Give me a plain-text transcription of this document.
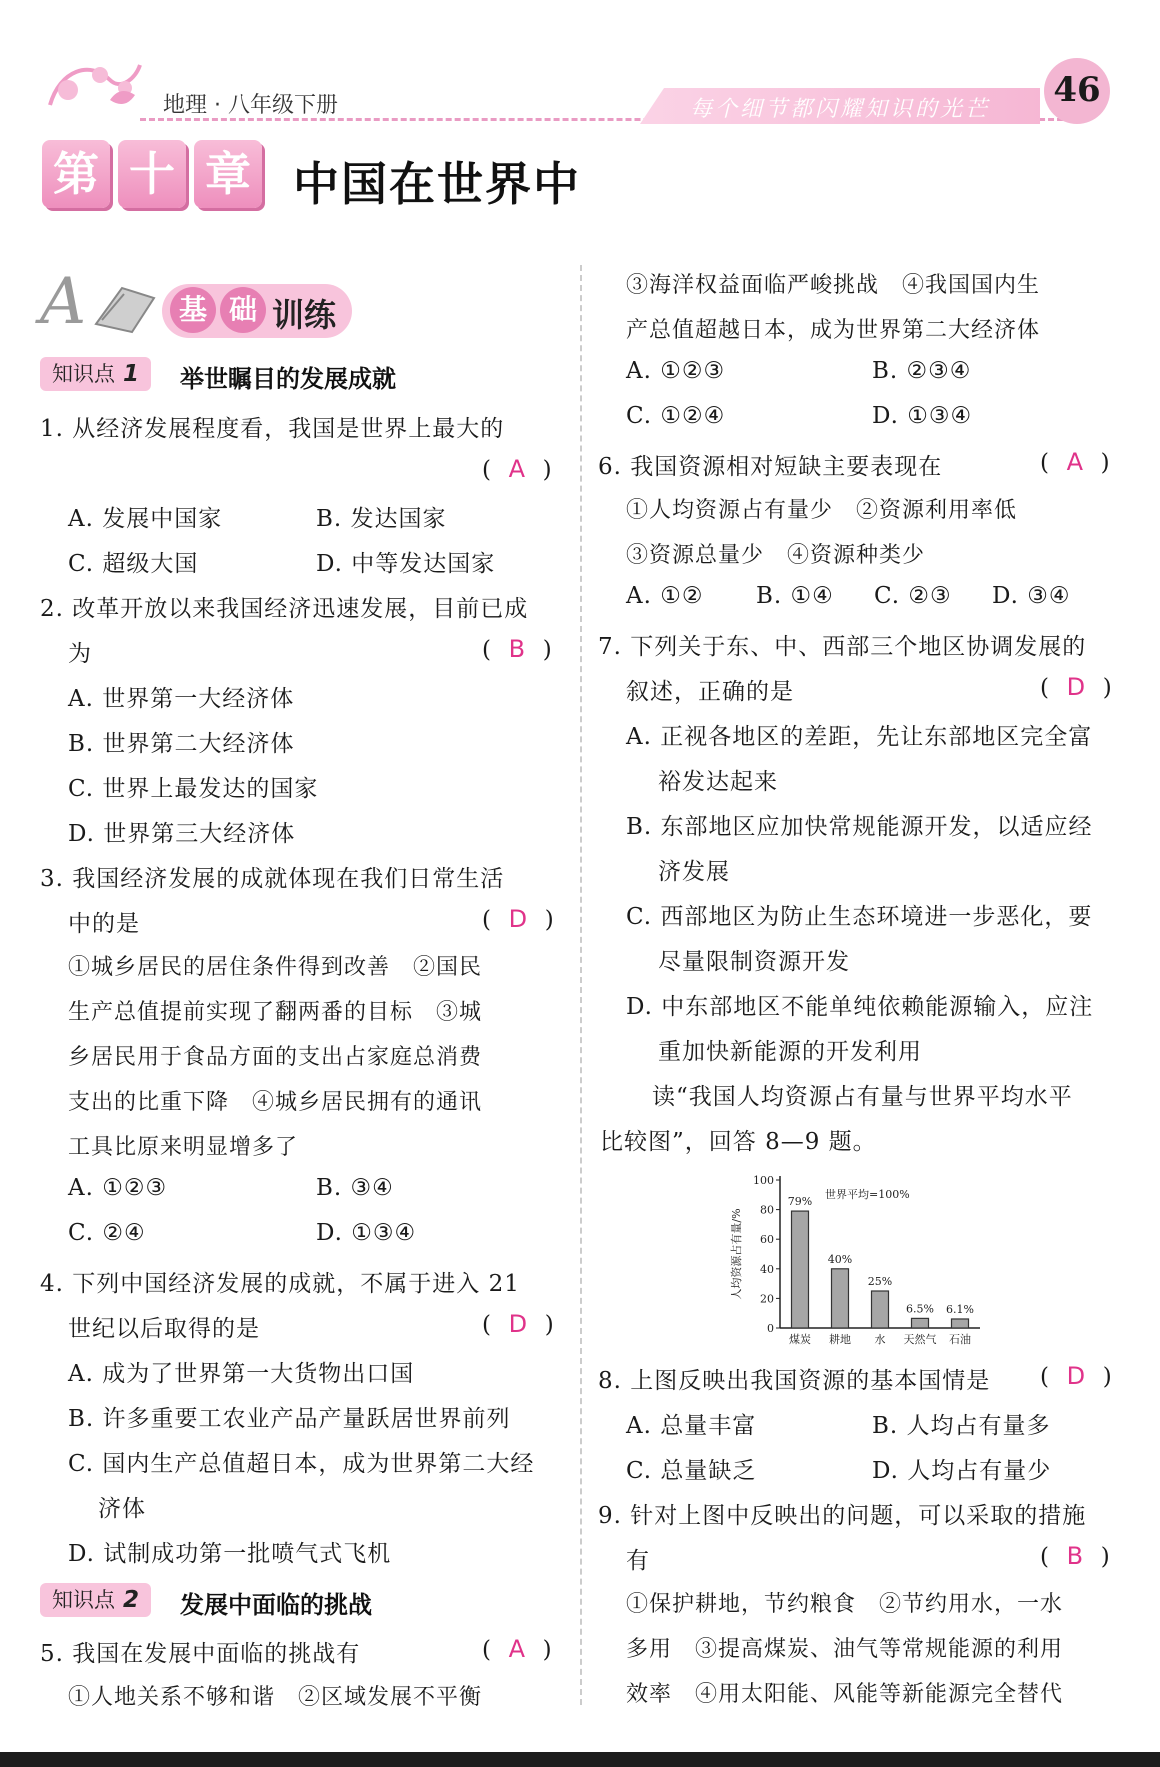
地理 · 八年级下册	每个细节都闪耀知识的光芒 46
第 十 章 中国在世界中
A	基 础 训练
知识点 1	举世瞩目的发展成就
1. 从经济发展程度看，我国是世界上最大的
(  A  )
A. 发展中国家	B. 发达国家
C. 超级大国	D. 中等发达国家
2. 改革开放以来我国经济迅速发展，目前已成
为	(  B  )
A. 世界第一大经济体
B. 世界第二大经济体
C. 世界上最发达的国家
D. 世界第三大经济体
3. 我国经济发展的成就体现在我们日常生活
中的是	(  D  )
①城乡居民的居住条件得到改善　②国民
生产总值提前实现了翻两番的目标　③城
乡居民用于食品方面的支出占家庭总消费
支出的比重下降　④城乡居民拥有的通讯
工具比原来明显增多了
A. ①②③	B. ③④
C. ②④	D. ①③④
4. 下列中国经济发展的成就，不属于进入 21
世纪以后取得的是	(  D  )
A. 成为了世界第一大货物出口国
B. 许多重要工农业产品产量跃居世界前列
C. 国内生产总值超日本，成为世界第二大经
济体
D. 试制成功第一批喷气式飞机
知识点 2	发展中面临的挑战
5. 我国在发展中面临的挑战有	(  A  )
①人地关系不够和谐　②区域发展不平衡
③海洋权益面临严峻挑战　④我国国内生
产总值超越日本，成为世界第二大经济体
A. ①②③	B. ②③④
C. ①②④	D. ①③④
6. 我国资源相对短缺主要表现在	(  A  )
①人均资源占有量少　②资源利用率低
③资源总量少　④资源种类少
A. ①② B. ①④ C. ②③ D. ③④
7. 下列关于东、中、西部三个地区协调发展的
叙述，正确的是	(  D  )
A. 正视各地区的差距，先让东部地区完全富
裕发达起来
B. 东部地区应加快常规能源开发，以适应经
济发展
C. 西部地区为防止生态环境进一步恶化，要
尽量限制资源开发
D. 中东部地区不能单纯依赖能源输入，应注
重加快新能源的开发利用
读“我国人均资源占有量与世界平均水平
比较图”，回答 8—9 题。
0
20
40
60
80
100
人均资源占有量/%
世界平均=100%
79%
煤炭
40%
耕地
25%
水
6.5%
天然气
6.1%
石油
8. 上图反映出我国资源的基本国情是 (  D  )
A. 总量丰富	B. 人均占有量多
C. 总量缺乏	D. 人均占有量少
9. 针对上图中反映出的问题，可以采取的措施
有	(  B  )
①保护耕地，节约粮食　②节约用水，一水
多用　③提高煤炭、油气等常规能源的利用
效率　④用太阳能、风能等新能源完全替代
